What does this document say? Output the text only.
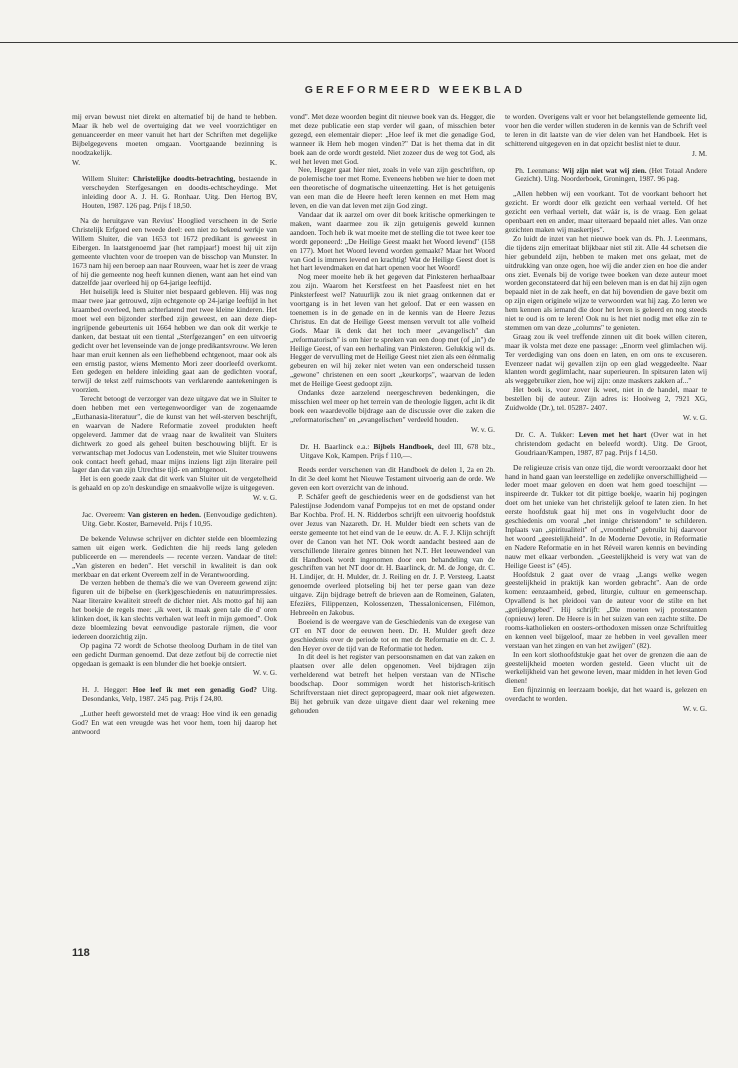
GEREFORMEERD WEEKBLAD

mij ervan bewust niet direkt en alternatief bij de hand te hebben. Maar ik heb wel de overtuiging dat we veel voorzichtiger en genuanceerder en meer vanuit het hart der Schriften met degelijke Bijbelgegevens moeten omgaan. Voortgaande bezinning is noodzakelijk.

W. K.
Willem Sluiter: Christelijke doodts-betrachting, bestaende in verscheyden Sterfgesangen en doodts-echtscheydinge. Met inleiding door A. J. H. G. Ronhaar. Uitg. Den Hertog BV, Houten, 1987. 126 pag. Prijs f 18,50.

Na de heruitgave van Revius' Hooglied verscheen in de Serie Christelijk Erfgoed een tweede deel: een niet zo bekend werkje van Willem Sluiter, die van 1653 tot 1672 predikant is geweest in Eibergen. In laatstgenoemd jaar (het rampjaar!) moest hij uit zijn gemeente vluchten voor de troepen van de bisschop van Munster. In 1673 nam hij een beroep aan naar Rouveen, waar het is zeer de vraag of hij die gemeente nog heeft kunnen dienen, want aan het eind van datzelfde jaar overleed hij op 64-jarige leeftijd.

Het huiselijk leed is Sluiter niet bespaard gebleven. Hij was nog maar twee jaar getrouwd, zijn echtgenote op 24-jarige leeftijd in het kraambed overleed, hem achterlatend met twee kleine kinderen. Het moet wel een bijzonder sterfbed zijn geweest, en aan deze diep-ingrijpende gebeurtenis uit 1664 hebben we dan ook dit werkje te danken, dat bestaat uit een tiental „Sterfgezangen" en een uitvoerig gedicht over het levenseinde van de jonge predikantsvrouw. We leren haar man eruit kennen als een liefhebbend echtgenoot, maar ook als een ernstig pastor, wiens Memento Mori zeer doorleefd overkomt. Een gedegen en heldere inleiding gaat aan de gedichten vooraf, terwijl de tekst zelf ruimschoots van verklarende aantekeningen is voorzien.

Terecht betoogt de verzorger van deze uitgave dat we in Sluiter te doen hebben met een vertegenwoordiger van de zogenaamde „Euthanasia-literatuur", die de kunst van het wél-sterven beschrijft, en waarvan de Nadere Reformatie zoveel produkten heeft opgeleverd. Jammer dat de vraag naar de kwaliteit van Sluiters dichtwerk zo goed als geheel buiten beschouwing blijft. Er is verwantschap met Jodocus van Lodenstein, met wie Sluiter trouwens ook contact heeft gehad, maar mijns inziens ligt zijn literaire peil lager dan dat van zijn Utrechtse tijd- en ambtgenoot.

Het is een goede zaak dat dit werk van Sluiter uit de vergetelheid is gehaald en op zo'n deskundige en smaakvolle wijze is uitgegeven.

W. v. G.
Jac. Overeem: Van gisteren en heden. (Eenvoudige gedichten). Uitg. Gebr. Koster, Barneveld. Prijs f 10,95.

De bekende Veluwse schrijver en dichter stelde een bloemlezing samen uit eigen werk. Gedichten die hij reeds lang geleden publiceerde en — merendeels — recente verzen. Vandaar de titel: „Van gisteren en heden". Het verschil in kwaliteit is dan ook merkbaar en dat erkent Overeem zelf in de Verantwoording.

De verzen hebben de thema's die we van Overeem gewend zijn: figuren uit de bijbelse en (kerk)geschiedenis en natuurimpressies. Naar literaire kwaliteit streeft de dichter niet. Als motto gaf hij aan het boekje de regels mee: „ik weet, ik maak geen tale die d' oren klinken doet, ik kan slechts verhalen wat leeft in mijn gemoed". Ook deze bloemlezing bevat eenvoudige pastorale rijmen, die voor iedereen doorzichtig zijn.

Op pagina 72 wordt de Schotse theoloog Durham in de titel van een gedicht Durman genoemd. Dat deze zetfout bij de correctie niet opgedaan is gemaakt is een blunder die het boekje ontsiert.

W. v. G.
H. J. Hegger: Hoe leef ik met een genadig God? Uitg. Desondanks, Velp, 1987. 245 pag. Prijs f 24,80.

„Luther heeft geworsteld met de vraag: Hoe vind ik een genadig God? En wat een vreugde was het voor hem, toen hij daarop het antwoord

vond". Met deze woorden begint dit nieuwe boek van ds. Hegger, die met deze publicatie een stap verder wil gaan, of misschien beter gezegd, een elementair dieper: „Hoe leef ik met die genadige God, wanneer ik Hem heb mogen vinden?" Dat is het thema dat in dit boek aan de orde wordt gesteld. Niet zozeer dus de weg tot God, als wel het leven met God.

Nee, Hegger gaat hier niet, zoals in vele van zijn geschriften, op de polemische toer met Rome. Eveneens hebben we hier te doen met een theoretische of dogmatische uiteenzetting. Het is het getuigenis van een man die de Heere heeft leren kennen en met Hem mag leven, en die van dat leven met zijn God zingt.

Vandaar dat ik aarzel om over dit boek kritische opmerkingen te maken, want daarmee zou ik zijn getuigenis geweld kunnen aandoen. Toch heb ik wat moeite met de stelling die tot twee keer toe wordt geponeerd: „De Heilige Geest maakt het Woord levend" (158 en 177). Moet het Woord levend worden gemaakt? Maar het Woord van God is immers levend en krachtig! Wat de Heilige Geest doet is het hart levendmaken en dat hart openen voor het Woord!

Nog meer moeite heb ik het gegeven dat Pinksteren herhaalbaar zou zijn. Waarom het Kerstfeest en het Paasfeest niet en het Pinksterfeest wel? Natuurlijk zou ik niet graag ontkennen dat er voortgang is in het leven van het geloof. Dat er een wassen en toenemen is in de genade en in de kennis van de Heere Jezus Christus. En dat de Heilige Geest mensen vervult tot alle volheid Gods. Maar ik denk dat het toch meer „evangelisch" dan „reformatorisch" is om hier te spreken van een doop met (of „in") de Heilige Geest, of van een herhaling van Pinksteren. Gelukkig wil ds. Hegger de vervulling met de Heilige Geest niet zien als een éénmalig gebeuren en wil hij zeker niet weten van een onderscheid tussen „gewone" christenen en een soort „keurkorps", waarvan de leden met de Heilige Geest gedoopt zijn.

Ondanks deze aarzelend neergeschreven bedenkingen, die misschien wel meer op het terrein van de theologie liggen, acht ik dit boek een waardevolle bijdrage aan de discussie over die zaken die „reformatorischen" en „evangelischen" verdeeld houden.

W. v. G.
Dr. H. Baarlinck e.a.: Bijbels Handboek, deel III, 678 blz., Uitgave Kok, Kampen. Prijs f 110,—.

Reeds eerder verschenen van dit Handboek de delen 1, 2a en 2b. In dit 3e deel komt het Nieuwe Testament uitvoerig aan de orde. We geven een kort overzicht van de inhoud.

P. Schäfer geeft de geschiedenis weer en de godsdienst van het Palestijnse Jodendom vanaf Pompejus tot en met de opstand onder Bar Kochba. Prof. H. N. Ridderbos schrijft een uitvoerig hoofdstuk over Jezus van Nazareth. Dr. H. Mulder biedt een schets van de eerste gemeente tot het eind van de 1e eeuw. dr. A. F. J. Klijn schrijft over de Canon van het NT. Ook wordt aandacht besteed aan de verschillende literaire genres binnen het N.T. Het leeuwendeel van dit Handboek wordt ingenomen door een behandeling van de geschriften van het NT door dr. H. Baarlinck, dr. M. de Jonge, dr. C. H. Lindijer, dr. H. Mulder, dr. J. Reiling en dr. J. P. Versteeg. Laatst genoemde overleed plotseling bij het ter perse gaan van deze uitgave. Zijn bijdrage betreft de brieven aan de Romeinen, Galaten, Efeziërs, Filippenzen, Kolossenzen, Thessalonicensen, Filémon, Hebreeën en Jakobus.

Boeiend is de weergave van de Geschiedenis van de exegese van OT en NT door de eeuwen heen. Dr. H. Mulder geeft deze geschiedenis over de periode tot en met de Reformatie en dr. C. J. den Heyer over de tijd van de Reformatie tot heden.

In dit deel is het register van persoonsnamen en dat van zaken en plaatsen over alle delen opgenomen. Veel bijdragen zijn verhelderend wat betreft het helpen verstaan van de NTische boodschap. Door sommigen wordt het historisch-kritisch Schriftverstaan niet direct gepropageerd, maar ook niet afgewezen. Bij het gebruik van deze uitgave dient daar wel rekening mee gehouden

te worden. Overigens valt er voor het belangstellende gemeente lid, voor hen die verder willen studeren in de kennis van de Schrift veel te leren in dit laatste van de vier delen van het Handboek. Het is schitterend uitgegeven en in dat opzicht beslist niet te duur.

J. M.
Ph. Leenmans: Wij zijn niet wat wij zien. (Het Totaal Andere Gezicht). Uitg. Noorderboek, Groningen, 1987. 96 pag.

„Allen hebben wij een voorkant. Tot de voorkant behoort het gezicht. Er wordt door elk gezicht een verhaal verteld. Of het gezicht een verhaal vertelt, dat wáár is, is de vraag. Een gelaat openbaart een en ander, maar uiteraard bepaald niet alles. Van onze gezichten maken wij maskertjes".

Zo luidt de inzet van het nieuwe boek van ds. Ph. J. Leenmans, die tijdens zijn emeritaat blijkbaar niet stil zit. Alle 44 schetsen die hier gebundeld zijn, hebben te maken met ons gelaat, met de uitdrukking van onze ogen, hoe wij die ander zien en hoe die ander ons ziet. Evenals bij de vorige twee boeken van deze auteur moet worden geconstateerd dat hij een beleven man is en dat hij zijn ogen bepaald niet in de zak heeft, en dat hij bovendien de gave bezit om op zijn eigen originele wijze te verwoorden wat hij zag. Zo leren we hem kennen als iemand die door het leven is geleerd en nog steeds niet te oud is om te leren! Ook nu is het niet nodig met elke zin te stemmen om van deze „columns" te genieten.

Graag zou ik veel treffende zinnen uit dit boek willen citeren, maar ik volsta met deze ene passage: „Enorm veel glimlachen wij. Ter verdediging van ons doen en laten, en om ons te excuseren. Evenzeer nadat wij gevallen zijn op een glad weggedeelte. Naar klanten wordt geglimlacht, naar superieuren. In spitsuren laten wij als weggebruiker zien, hoe wij zijn: onze maskers zakken af..."

Het boek is, voor zover ik weet, niet in de handel, maar te bestellen bij de auteur. Zijn adres is: Hooiweg 2, 7921 XG, Zuidwolde (Dr.), tel. 05287- 2407.

W. v. G.
Dr. C. A. Tukker: Leven met het hart (Over wat in het christendom gedacht en beleefd wordt). Uitg. De Groot, Goudriaan/Kampen, 1987, 87 pag. Prijs f 14,50.

De religieuze crisis van onze tijd, die wordt veroorzaakt door het hand in hand gaan van leerstellige en zedelijke onverschilligheid — leder moet maar geloven en doen wat hem goed toeschijnt — inspireerde dr. Tukker tot dit pittige boekje, waarin hij pogingen doet om het unieke van het christelijk geloof te laten zien. In het eerste hoofdstuk gaat hij met ons in vogelvlucht door de geschiedenis om vooral „het innige christendom" te schilderen. Inplaats van „spiritualiteit" of „vroomheid" gebruikt hij daarvoor het woord „geestelijkheid". In de Moderne Devotie, in Reformatie en Nadere Reformatie en in het Réveil waren kennis en bevinding nauw met elkaar verbonden. „Geestelijkheid is very wat van de Heilige Geest is" (45).

Hoofdstuk 2 gaat over de vraag „Langs welke wegen geestelijkheid in praktijk kan worden gebracht". Aan de orde komen: eenzaamheid, gebed, liturgie, cultuur en gemeenschap. Opvallend is het pleidooi van de auteur voor de stilte en het „getijdengebed". Hij schrijft: „Die moeten wij protestanten (opnieuw) leren. De Heere is in het suizen van een zachte stilte. De rooms-katholieken en oosters-orthodoxen missen onze Schriftuitleg en kennen veel bijgeloof, maar ze hebben in veel gevallen meer verstaan van het zingen en van het zwijgen" (82).

In een kort slothoofdstukje gaat het over de grenzen die aan de geestelijkheid moeten worden gesteld. Geen vlucht uit de werkelijkheid van het gewone leven, maar midden in het leven God dienen!

Een fijnzinnig en leerzaam boekje, dat het waard is, gelezen en overdacht te worden.

W. v. G.
118
